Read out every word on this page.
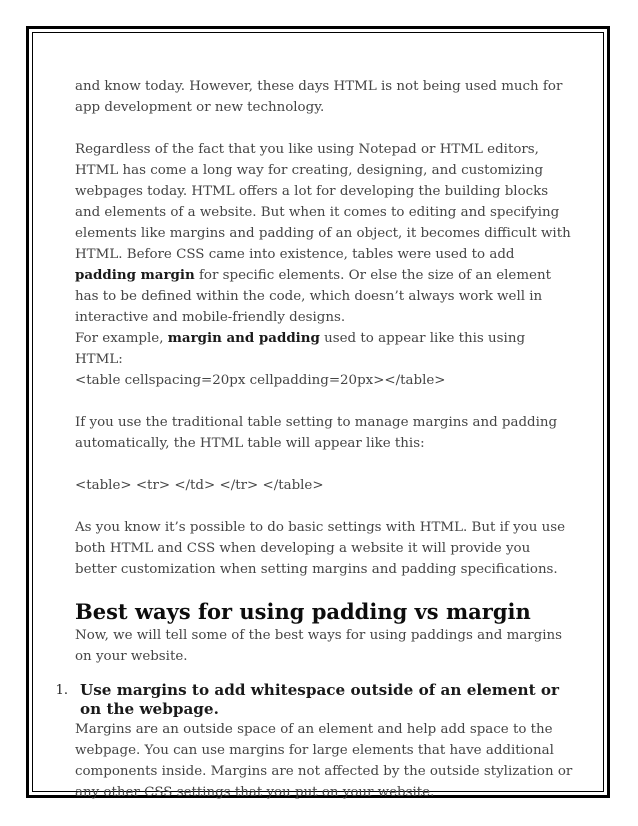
and know today. However, these days HTML is not being used much for app development or new technology.

Regardless of the fact that you like using Notepad or HTML editors, HTML has come a long way for creating, designing, and customizing webpages today. HTML offers a lot for developing the building blocks and elements of a website. But when it comes to editing and specifying elements like margins and padding of an object, it becomes difficult with HTML. Before CSS came into existence, tables were used to add padding margin for specific elements. Or else the size of an element has to be defined within the code, which doesn’t always work well in interactive and mobile-friendly designs.

For example, margin and padding used to appear like this using HTML:

<table cellspacing=20px cellpadding=20px></table>

If you use the traditional table setting to manage margins and padding automatically, the HTML table will appear like this:

<table> <tr> </td> </tr> </table>

As you know it’s possible to do basic settings with HTML. But if you use both HTML and CSS when developing a website it will provide you better customization when setting margins and padding specifications.

Best ways for using padding vs margin

Now, we will tell some of the best ways for using paddings and margins on your website.

1. Use margins to add whitespace outside of an element or on the webpage.

Margins are an outside space of an element and help add space to the webpage. You can use margins for large elements that have additional components inside. Margins are not affected by the outside stylization or any other CSS settings that you put on your website.
